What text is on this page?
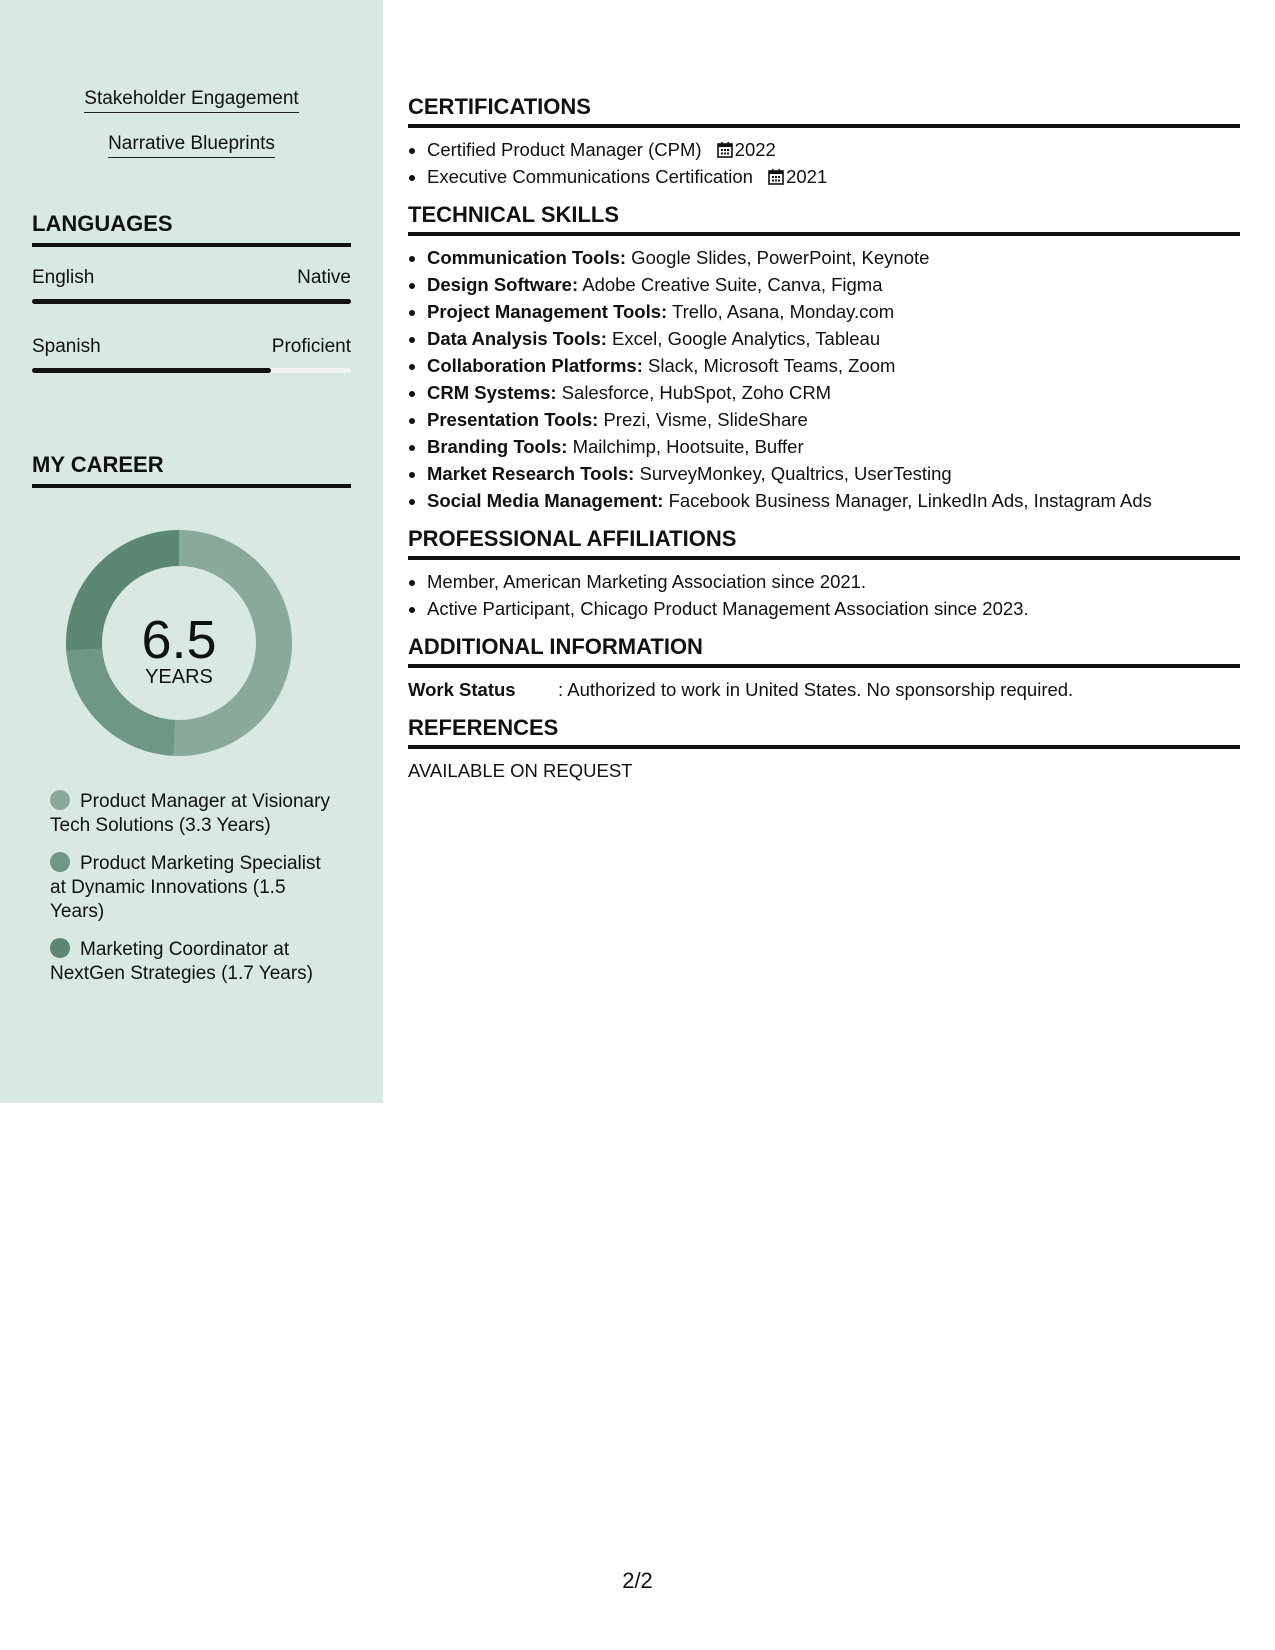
Stakeholder Engagement
Narrative Blueprints
LANGUAGES
English	Native
Spanish	Proficient
MY CAREER
6.5
YEARS
Product Manager at Visionary Tech Solutions (3.3 Years)
Product Marketing Specialist at Dynamic Innovations (1.5 Years)
Marketing Coordinator at NextGen Strategies (1.7 Years)
CERTIFICATIONS
• Certified Product Manager (CPM) 2022
• Executive Communications Certification 2021
TECHNICAL SKILLS
• Communication Tools: Google Slides, PowerPoint, Keynote
• Design Software: Adobe Creative Suite, Canva, Figma
• Project Management Tools: Trello, Asana, Monday.com
• Data Analysis Tools: Excel, Google Analytics, Tableau
• Collaboration Platforms: Slack, Microsoft Teams, Zoom
• CRM Systems: Salesforce, HubSpot, Zoho CRM
• Presentation Tools: Prezi, Visme, SlideShare
• Branding Tools: Mailchimp, Hootsuite, Buffer
• Market Research Tools: SurveyMonkey, Qualtrics, UserTesting
• Social Media Management: Facebook Business Manager, LinkedIn Ads, Instagram Ads
PROFESSIONAL AFFILIATIONS
• Member, American Marketing Association since 2021.
• Active Participant, Chicago Product Management Association since 2023.
ADDITIONAL INFORMATION
Work Status	: Authorized to work in United States. No sponsorship required.
REFERENCES
AVAILABLE ON REQUEST
2/2
